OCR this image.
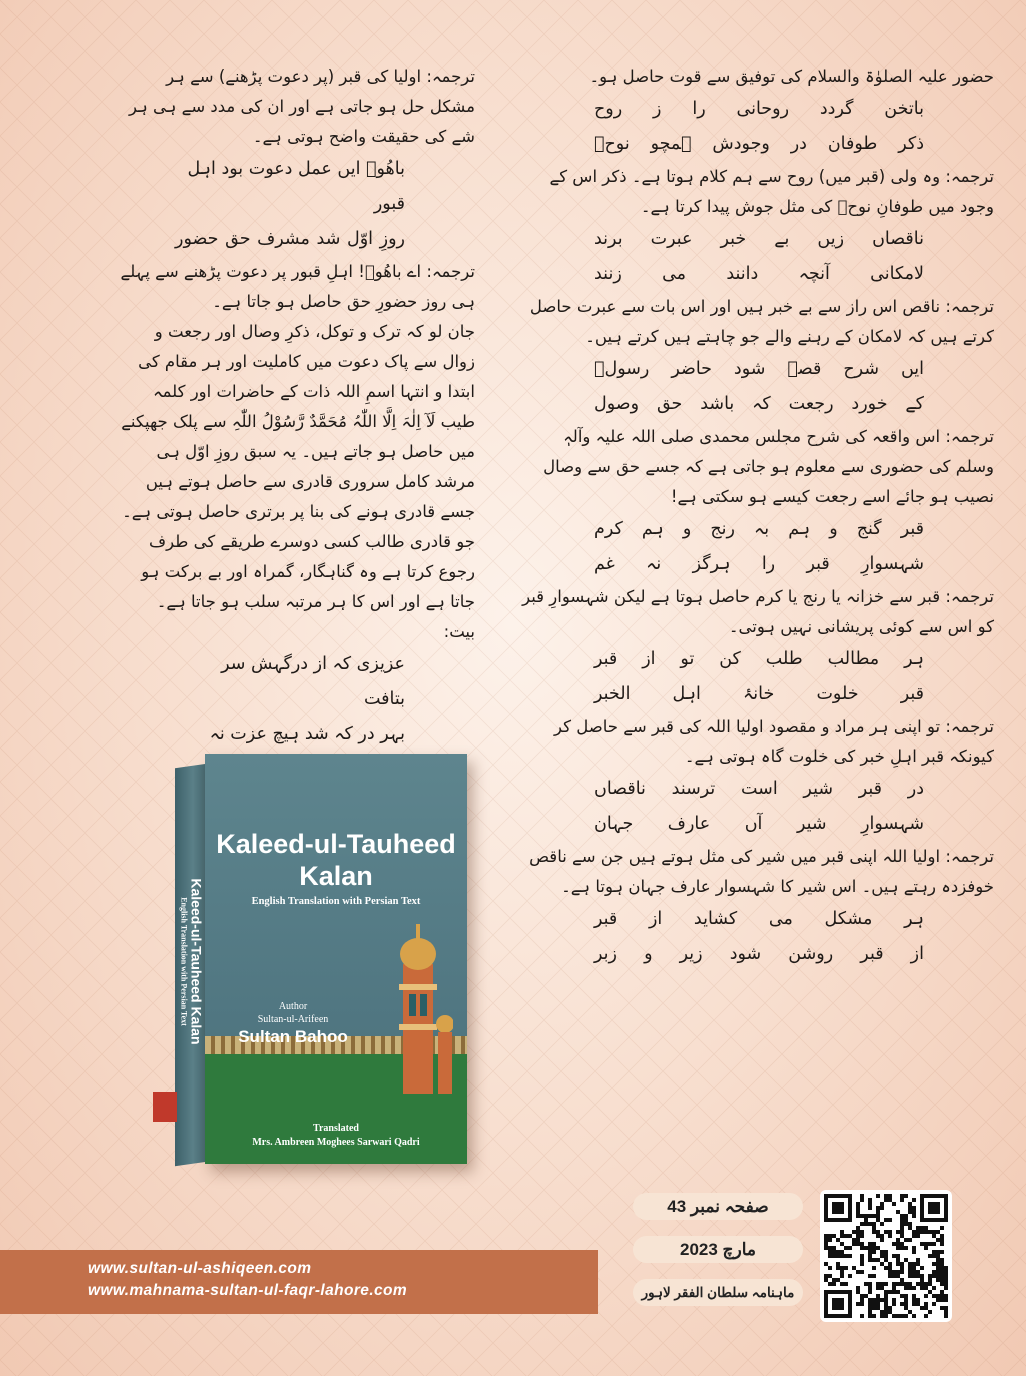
حضور علیہ الصلوٰۃ والسلام کی توفیق سے قوت حاصل ہو۔

باتخن گردد روحانی را ز روح

ذکر طوفان در وجودش ہمچو نوحؑ

ترجمہ: وہ ولی (قبر میں) روح سے ہم کلام ہوتا ہے۔ ذکر اس کے وجود میں طوفانِ نوحؑ کی مثل جوش پیدا کرتا ہے۔

ناقصاں زیں بے خبر عبرت برند

لامکانی آنچہ دانند می زنند

ترجمہ: ناقص اس راز سے بے خبر ہیں اور اس بات سے عبرت حاصل کرتے ہیں کہ لامکان کے رہنے والے جو چاہتے ہیں کرتے ہیں۔

ایں شرح قصہ شود حاضر رسولؐ

کے خورد رجعت کہ باشد حق وصول

ترجمہ: اس واقعہ کی شرح مجلس محمدی صلی اللہ علیہ وآلہٖ وسلم کی حضوری سے معلوم ہو جاتی ہے کہ جسے حق سے وصال نصیب ہو جائے اسے رجعت کیسے ہو سکتی ہے!

قبر گنج و ہم بہ رنج و ہم کرم

شہسوارِ قبر را ہرگز نہ غم

ترجمہ: قبر سے خزانہ یا رنج یا کرم حاصل ہوتا ہے لیکن شہسوارِ قبر کو اس سے کوئی پریشانی نہیں ہوتی۔

ہر مطالب طلب کن تو از قبر

قبر خلوت خانۂ اہل الخبر

ترجمہ: تو اپنی ہر مراد و مقصود اولیا اللہ کی قبر سے حاصل کر کیونکہ قبر اہلِ خبر کی خلوت گاہ ہوتی ہے۔

در قبر شیر است ترسند ناقصاں

شہسوارِ شیر آں عارف جہان

ترجمہ: اولیا اللہ اپنی قبر میں شیر کی مثل ہوتے ہیں جن سے ناقص خوفزدہ رہتے ہیں۔ اس شیر کا شہسوار عارف جہان ہوتا ہے۔

ہر مشکل می کشاید از قبر

از قبر روشن شود زیر و زبر

ترجمہ: اولیا کی قبر (پر دعوت پڑھنے) سے ہر مشکل حل ہو جاتی ہے اور ان کی مدد سے ہی ہر شے کی حقیقت واضح ہوتی ہے۔

باھُوؒ ایں عمل دعوت بود اہل قبور

روزِ اوّل شد مشرف حق حضور

ترجمہ: اے باھُوؒ! اہلِ قبور پر دعوت پڑھنے سے پہلے ہی روز حضورِ حق حاصل ہو جاتا ہے۔

جان لو کہ ترک و توکل، ذکرِ وصال اور رجعت و زوال سے پاک دعوت میں کاملیت اور ہر مقام کی ابتدا و انتہا اسمِ اللہ ذات کے حاضرات اور کلمہ طیب لَآ اِلٰہَ اِلَّا اللّٰہُ مُحَمَّدٌ رَّسُوْلُ اللّٰہِ سے پلک جھپکنے میں حاصل ہو جاتے ہیں۔ یہ سبق روزِ اوّل ہی مرشد کامل سروری قادری سے حاصل ہوتے ہیں جسے قادری ہونے کی بنا پر برتری حاصل ہوتی ہے۔ جو قادری طالب کسی دوسرے طریقے کی طرف رجوع کرتا ہے وہ گناہگار، گمراہ اور بے برکت ہو جاتا ہے اور اس کا ہر مرتبہ سلب ہو جاتا ہے۔

بیت:

عزیزی کہ از درگہش سر بتافت

بہر در کہ شد ہیچ عزت نہ

Kaleed-ul-Tauheed
Kalan
English Translation with Persian Text
Author
Sultan-ul-Arifeen
Sultan Bahoo
Translated
Mrs. Ambreen Moghees Sarwari Qadri
Kaleed-ul-Tauheed Kalan
English Translation with Persian Text
www.sultan-ul-ashiqeen.com
www.mahnama-sultan-ul-faqr-lahore.com
صفحہ نمبر 43
مارچ 2023
ماہنامہ سلطان الفقر لاہور
